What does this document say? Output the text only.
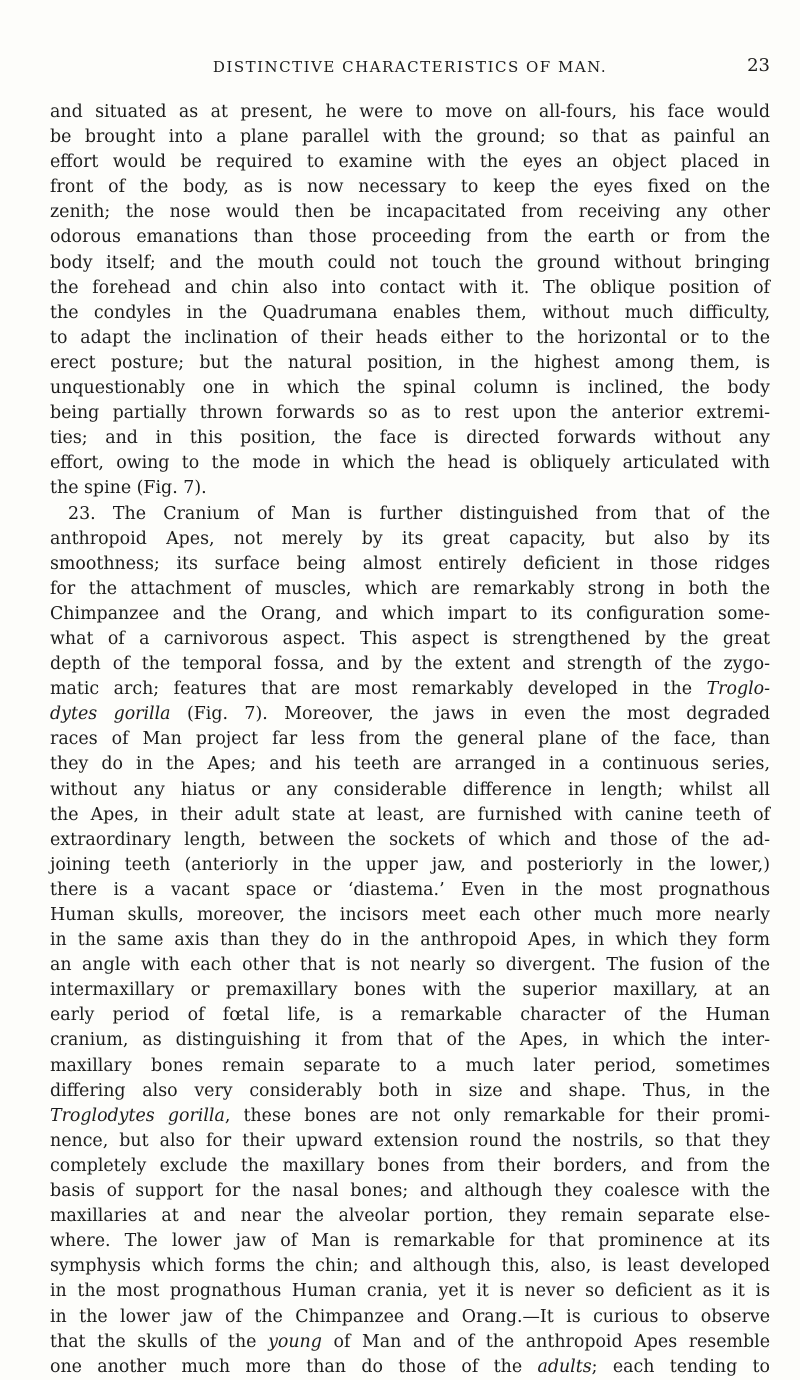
DISTINCTIVE CHARACTERISTICS OF MAN.	23
and situated as at present, he were to move on all-fours, his face would
be brought into a plane parallel with the ground; so that as painful an
effort would be required to examine with the eyes an object placed in
front of the body, as is now necessary to keep the eyes fixed on the
zenith; the nose would then be incapacitated from receiving any other
odorous emanations than those proceeding from the earth or from the
body itself; and the mouth could not touch the ground without bringing
the forehead and chin also into contact with it. The oblique position of
the condyles in the Quadrumana enables them, without much difficulty,
to adapt the inclination of their heads either to the horizontal or to the
erect posture; but the natural position, in the highest among them, is
unquestionably one in which the spinal column is inclined, the body
being partially thrown forwards so as to rest upon the anterior extremi-
ties; and in this position, the face is directed forwards without any
effort, owing to the mode in which the head is obliquely articulated with
the spine (Fig. 7).
23. The Cranium of Man is further distinguished from that of the
anthropoid Apes, not merely by its great capacity, but also by its
smoothness; its surface being almost entirely deficient in those ridges
for the attachment of muscles, which are remarkably strong in both the
Chimpanzee and the Orang, and which impart to its configuration some-
what of a carnivorous aspect. This aspect is strengthened by the great
depth of the temporal fossa, and by the extent and strength of the zygo-
matic arch; features that are most remarkably developed in the Troglo-
dytes gorilla (Fig. 7). Moreover, the jaws in even the most degraded
races of Man project far less from the general plane of the face, than
they do in the Apes; and his teeth are arranged in a continuous series,
without any hiatus or any considerable difference in length; whilst all
the Apes, in their adult state at least, are furnished with canine teeth of
extraordinary length, between the sockets of which and those of the ad-
joining teeth (anteriorly in the upper jaw, and posteriorly in the lower,)
there is a vacant space or ‘diastema.’ Even in the most prognathous
Human skulls, moreover, the incisors meet each other much more nearly
in the same axis than they do in the anthropoid Apes, in which they form
an angle with each other that is not nearly so divergent. The fusion of the
intermaxillary or premaxillary bones with the superior maxillary, at an
early period of fœtal life, is a remarkable character of the Human
cranium, as distinguishing it from that of the Apes, in which the inter-
maxillary bones remain separate to a much later period, sometimes
differing also very considerably both in size and shape. Thus, in the
Troglodytes gorilla, these bones are not only remarkable for their promi-
nence, but also for their upward extension round the nostrils, so that they
completely exclude the maxillary bones from their borders, and from the
basis of support for the nasal bones; and although they coalesce with the
maxillaries at and near the alveolar portion, they remain separate else-
where. The lower jaw of Man is remarkable for that prominence at its
symphysis which forms the chin; and although this, also, is least developed
in the most prognathous Human crania, yet it is never so deficient as it is
in the lower jaw of the Chimpanzee and Orang.—It is curious to observe
that the skulls of the young of Man and of the anthropoid Apes resemble
one another much more than do those of the adults; each tending to
